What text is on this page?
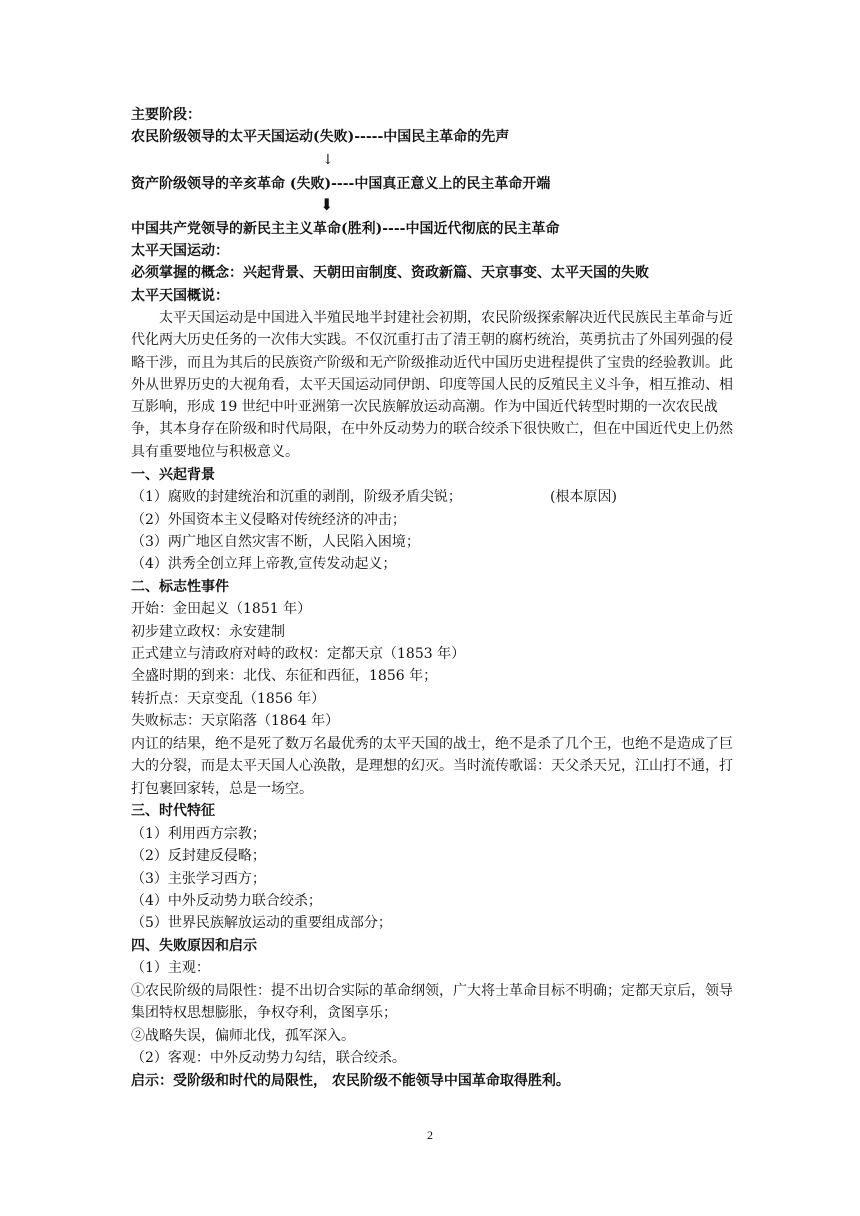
主要阶段：
农民阶级领导的太平天国运动(失败)-----中国民主革命的先声
↓
资产阶级领导的辛亥革命 (失败)----中国真正意义上的民主革命开端
⬇
中国共产党领导的新民主主义革命(胜利)----中国近代彻底的民主革命
太平天国运动：
必须掌握的概念：兴起背景、天朝田亩制度、资政新篇、天京事变、太平天国的失败
太平天国概说：
太平天国运动是中国进入半殖民地半封建社会初期，农民阶级探索解决近代民族民主革命与近代化两大历史任务的一次伟大实践。不仅沉重打击了清王朝的腐朽统治，英勇抗击了外国列强的侵略干涉，而且为其后的民族资产阶级和无产阶级推动近代中国历史进程提供了宝贵的经验教训。此外从世界历史的大视角看，太平天国运动同伊朗、印度等国人民的反殖民主义斗争，相互推动、相互影响，形成 19 世纪中叶亚洲第一次民族解放运动高潮。作为中国近代转型时期的一次农民战争，其本身存在阶级和时代局限，在中外反动势力的联合绞杀下很快败亡，但在中国近代史上仍然具有重要地位与积极意义。
一、兴起背景
（1）腐败的封建统治和沉重的剥削，阶级矛盾尖锐；	(根本原因)
（2）外国资本主义侵略对传统经济的冲击；
（3）两广地区自然灾害不断，人民陷入困境；
（4）洪秀全创立拜上帝教,宣传发动起义；
二、标志性事件
开始：金田起义（1851 年）
初步建立政权：永安建制
正式建立与清政府对峙的政权：定都天京（1853 年）
全盛时期的到来：北伐、东征和西征，1856 年；
转折点：天京变乱（1856 年）
失败标志：天京陷落（1864 年）
内讧的结果，绝不是死了数万名最优秀的太平天国的战士，绝不是杀了几个王，也绝不是造成了巨大的分裂，而是太平天国人心涣散，是理想的幻灭。当时流传歌谣：天父杀天兄，江山打不通，打打包裹回家转，总是一场空。
三、时代特征
（1）利用西方宗教；
（2）反封建反侵略；
（3）主张学习西方；
（4）中外反动势力联合绞杀；
（5）世界民族解放运动的重要组成部分；
四、失败原因和启示
（1）主观：
①农民阶级的局限性：提不出切合实际的革命纲领，广大将士革命目标不明确；定都天京后，领导集团特权思想膨胀，争权夺利，贪图享乐；
②战略失误，偏师北伐，孤军深入。
（2）客观：中外反动势力勾结，联合绞杀。
启示：受阶级和时代的局限性， 农民阶级不能领导中国革命取得胜利。
2
